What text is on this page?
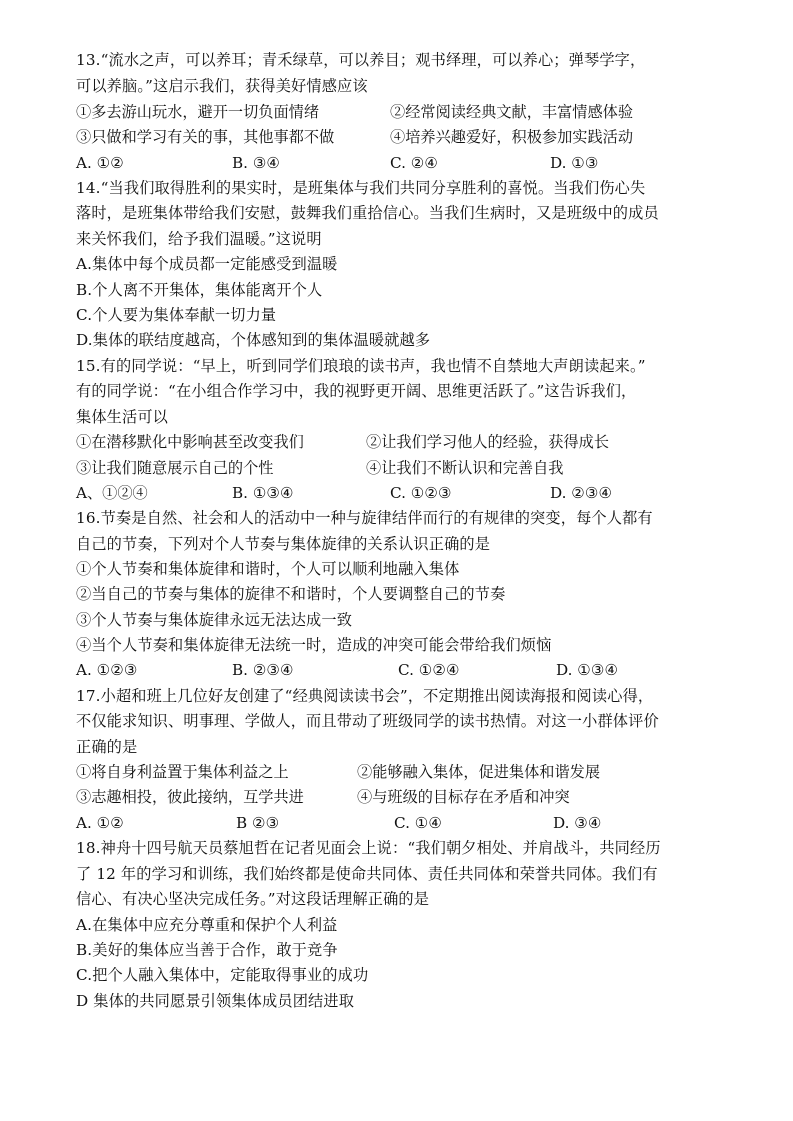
13.“流水之声，可以养耳；青禾绿草，可以养目；观书绎理，可以养心；弹琴学字，
可以养脑。”这启示我们，获得美好情感应该
①多去游山玩水，避开一切负面情绪	②经常阅读经典文献，丰富情感体验
③只做和学习有关的事，其他事都不做	④培养兴趣爱好，积极参加实践活动
A. ①②	B. ③④	C. ②④	D. ①③
14.“当我们取得胜利的果实时，是班集体与我们共同分享胜利的喜悦。当我们伤心失
落时，是班集体带给我们安慰，鼓舞我们重拾信心。当我们生病时，又是班级中的成员
来关怀我们，给予我们温暖。”这说明
A.集体中每个成员都一定能感受到温暖
B.个人离不开集体，集体能离开个人
C.个人要为集体奉献一切力量
D.集体的联结度越高，个体感知到的集体温暖就越多
15.有的同学说：“早上，听到同学们琅琅的读书声，我也情不自禁地大声朗读起来。”
有的同学说：“在小组合作学习中，我的视野更开阔、思维更活跃了。”这告诉我们，
集体生活可以
①在潜移默化中影响甚至改变我们	②让我们学习他人的经验，获得成长
③让我们随意展示自己的个性	④让我们不断认识和完善自我
A、①②④	B. ①③④	C. ①②③	D. ②③④
16.节奏是自然、社会和人的活动中一种与旋律结伴而行的有规律的突变，每个人都有
自己的节奏，下列对个人节奏与集体旋律的关系认识正确的是
①个人节奏和集体旋律和谐时，个人可以顺利地融入集体
②当自己的节奏与集体的旋律不和谐时，个人要调整自己的节奏
③个人节奏与集体旋律永远无法达成一致
④当个人节奏和集体旋律无法统一时，造成的冲突可能会带给我们烦恼
A. ①②③	B. ②③④	C. ①②④	D. ①③④
17.小超和班上几位好友创建了“经典阅读读书会”，不定期推出阅读海报和阅读心得，
不仅能求知识、明事理、学做人，而且带动了班级同学的读书热情。对这一小群体评价
正确的是
①将自身利益置于集体利益之上	②能够融入集体，促进集体和谐发展
③志趣相投，彼此接纳，互学共进	④与班级的目标存在矛盾和冲突
A. ①②	B ②③	C. ①④	D. ③④
18.神舟十四号航天员蔡旭哲在记者见面会上说：“我们朝夕相处、并肩战斗，共同经历
了 12 年的学习和训练，我们始终都是使命共同体、责任共同体和荣誉共同体。我们有
信心、有决心坚决完成任务。”对这段话理解正确的是
A.在集体中应充分尊重和保护个人利益
B.美好的集体应当善于合作，敢于竞争
C.把个人融入集体中，定能取得事业的成功
D 集体的共同愿景引领集体成员团结进取
